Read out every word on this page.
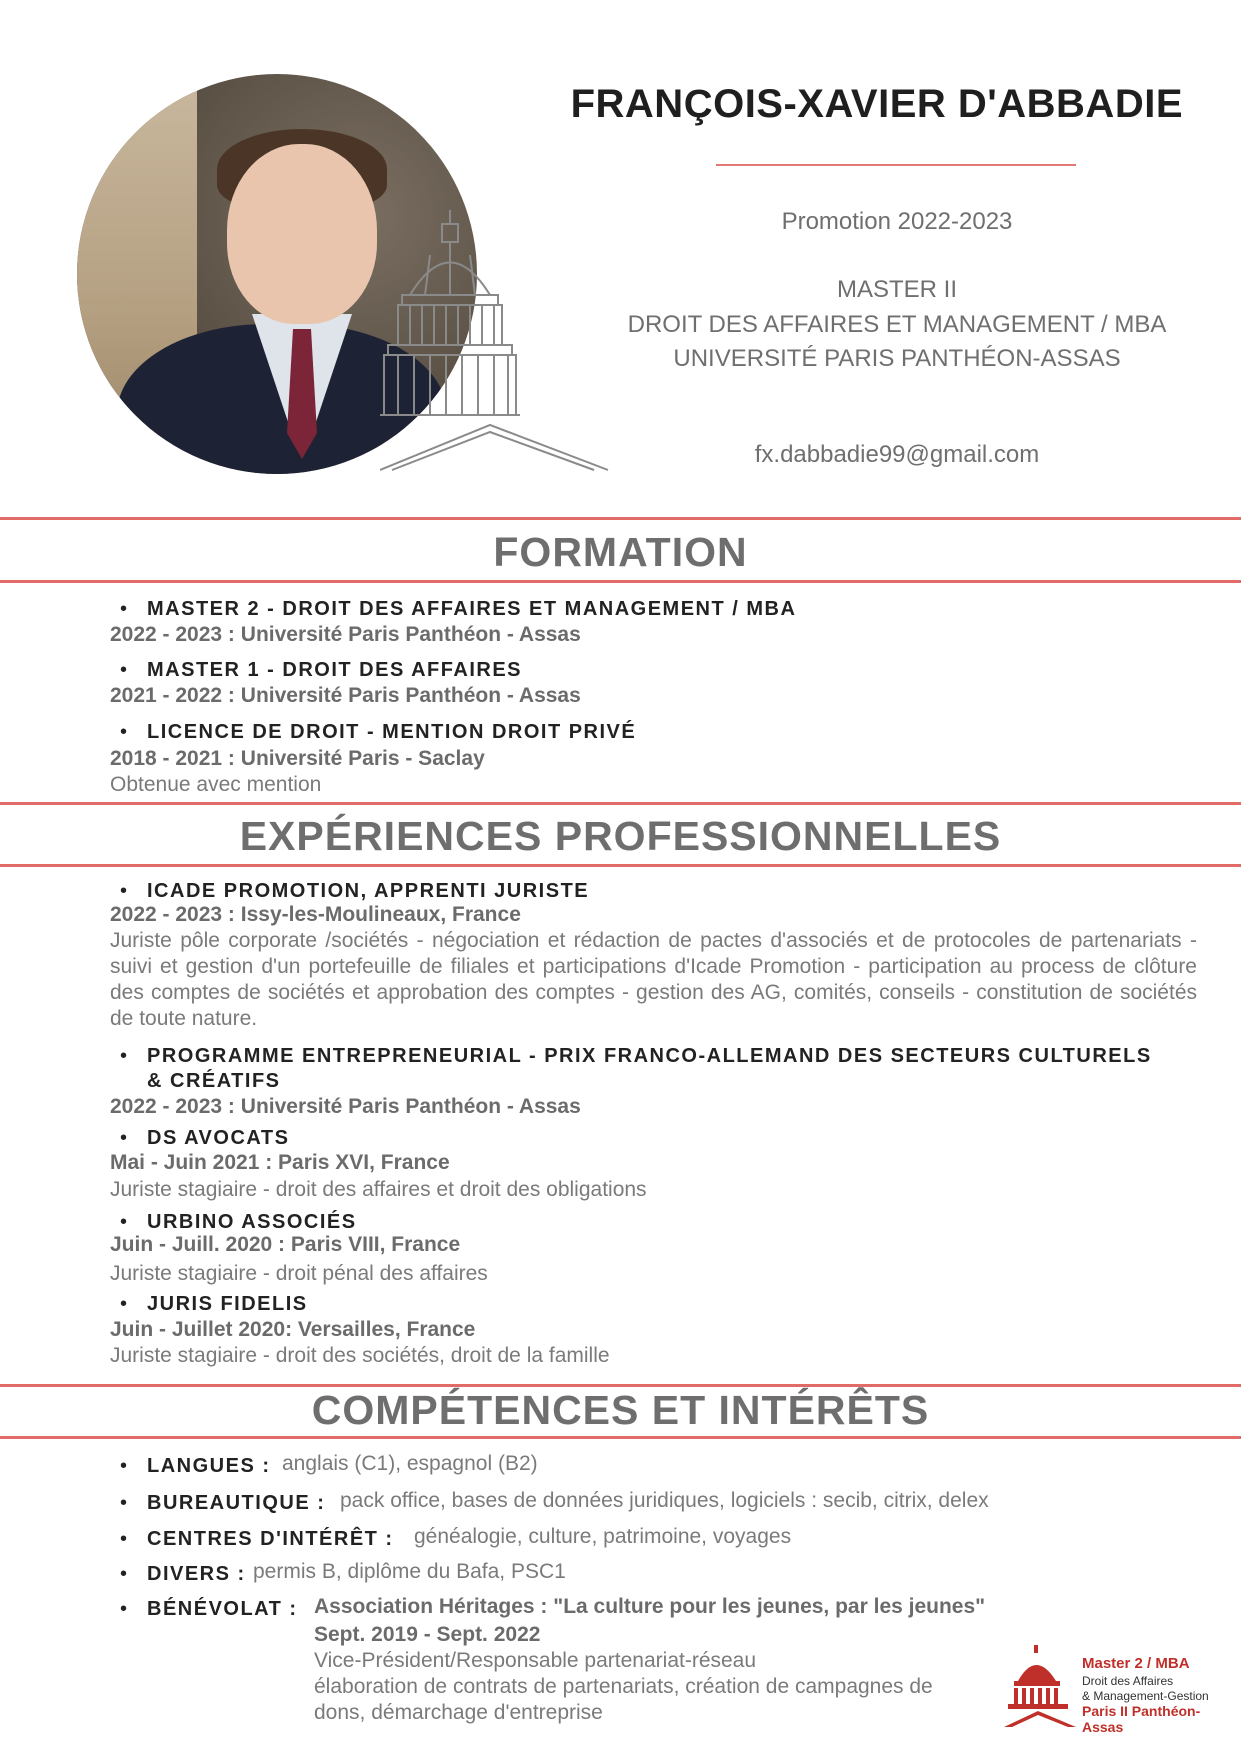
FRANÇOIS-XAVIER D'ABBADIE
Promotion 2022-2023
MASTER II
DROIT DES AFFAIRES ET MANAGEMENT / MBA
UNIVERSITÉ PARIS PANTHÉON-ASSAS
fx.dabbadie99@gmail.com
FORMATION
• MASTER 2 - DROIT DES AFFAIRES ET MANAGEMENT / MBA
2022 - 2023 : Université Paris Panthéon - Assas
• MASTER 1 - DROIT DES AFFAIRES
2021 - 2022 : Université Paris Panthéon - Assas
• LICENCE DE DROIT - MENTION DROIT PRIVÉ
2018 - 2021 : Université Paris - Saclay
Obtenue avec mention
EXPÉRIENCES PROFESSIONNELLES
• ICADE PROMOTION, APPRENTI JURISTE
2022 - 2023 : Issy-les-Moulineaux, France
Juriste pôle corporate /sociétés - négociation et rédaction de pactes d'associés et de protocoles de partenariats - suivi et gestion d'un portefeuille de filiales et participations d'Icade Promotion - participation au process de clôture des comptes de sociétés et approbation des comptes - gestion des AG, comités, conseils - constitution de sociétés de toute nature.
• PROGRAMME ENTREPRENEURIAL - PRIX FRANCO-ALLEMAND DES SECTEURS CULTURELS
& CRÉATIFS
2022 - 2023 : Université Paris Panthéon - Assas
• DS AVOCATS
Mai - Juin 2021 : Paris XVI, France
Juriste stagiaire - droit des affaires et droit des obligations
• URBINO ASSOCIÉS
Juin - Juill. 2020 : Paris VIII, France
Juriste stagiaire - droit pénal des affaires
• JURIS FIDELIS
Juin - Juillet 2020: Versailles, France
Juriste stagiaire - droit des sociétés, droit de la famille
COMPÉTENCES ET INTÉRÊTS
• LANGUES : anglais (C1), espagnol (B2)
• BUREAUTIQUE : pack office, bases de données juridiques, logiciels : secib, citrix, delex
• CENTRES D'INTÉRÊT : généalogie, culture, patrimoine, voyages
• DIVERS : permis B, diplôme du Bafa, PSC1
• BÉNÉVOLAT : Association Héritages : "La culture pour les jeunes, par les jeunes"
Sept. 2019 - Sept. 2022
Vice-Président/Responsable partenariat-réseau
élaboration de contrats de partenariats, création de campagnes de
dons, démarchage d'entreprise
Master 2 / MBA
Droit des Affaires
& Management-Gestion
Paris II Panthéon-Assas
